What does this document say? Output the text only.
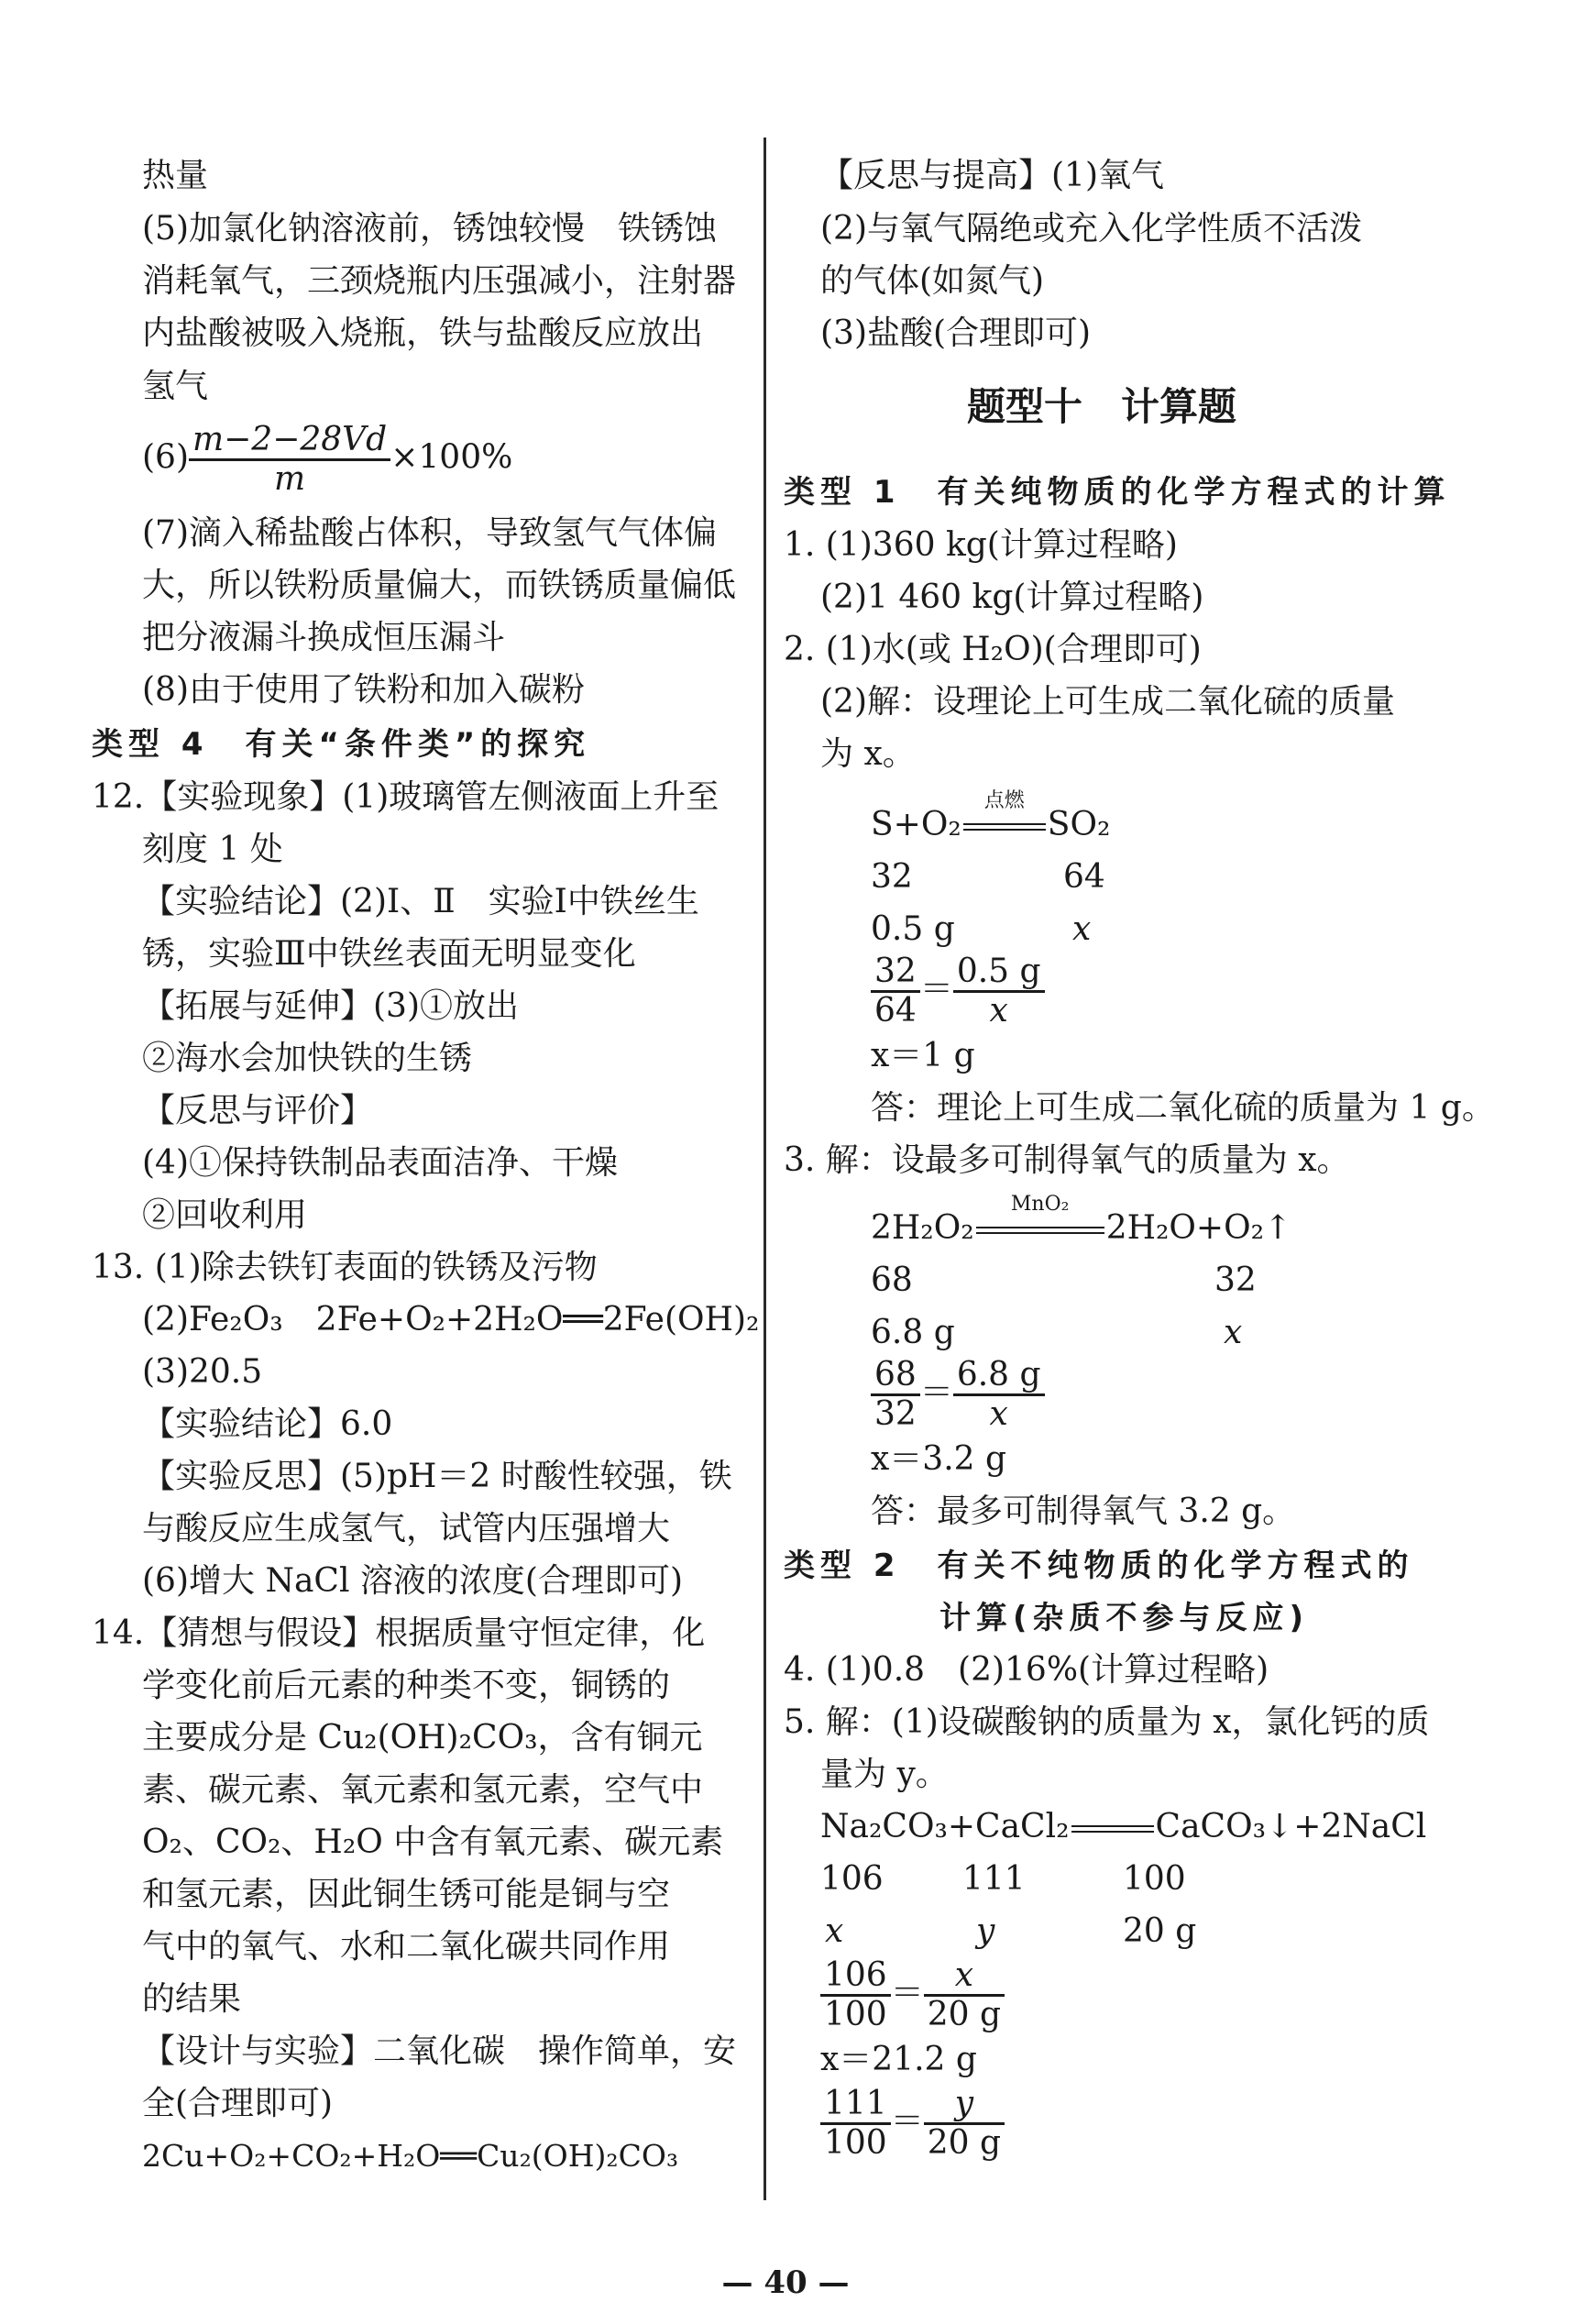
热量
(5)加氯化钠溶液前，锈蚀较慢　铁锈蚀
消耗氧气，三颈烧瓶内压强减小，注射器
内盐酸被吸入烧瓶，铁与盐酸反应放出
氢气
$(6) \frac{m-2-28Vd}{m} \times 100\%$
(7)滴入稀盐酸占体积，导致氢气气体偏
大，所以铁粉质量偏大，而铁锈质量偏低
把分液漏斗换成恒压漏斗
(8)由于使用了铁粉和加入碳粉
类型 4　有关“条件类”的探究
12.【实验现象】(1)玻璃管左侧液面上升至
刻度 1 处
【实验结论】(2)Ⅰ、Ⅱ　实验Ⅰ中铁丝生
锈，实验Ⅲ中铁丝表面无明显变化
【拓展与延伸】(3)①放出
②海水会加快铁的生锈
【反思与评价】
(4)①保持铁制品表面洁净、干燥
②回收利用
13. (1)除去铁钉表面的铁锈及污物
(2)Fe₂O₃　2Fe+O₂+2H₂O══2Fe(OH)₂
(3)20.5
【实验结论】6.0
【实验反思】(5)pH＝2 时酸性较强，铁
与酸反应生成氢气，试管内压强增大
(6)增大 NaCl 溶液的浓度(合理即可)
14.【猜想与假设】根据质量守恒定律，化
学变化前后元素的种类不变，铜锈的
主要成分是 Cu₂(OH)₂CO₃，含有铜元
素、碳元素、氧元素和氢元素，空气中
O₂、CO₂、H₂O 中含有氧元素、碳元素
和氢元素，因此铜生锈可能是铜与空
气中的氧气、水和二氧化碳共同作用
的结果
【设计与实验】二氧化碳　操作简单，安
全(合理即可)
2Cu+O₂+CO₂+H₂O══Cu₂(OH)₂CO₃
【反思与提高】(1)氧气
(2)与氧气隔绝或充入化学性质不活泼
的气体(如氮气)
(3)盐酸(合理即可)
题型十　计算题
类型 1　有关纯物质的化学方程式的计算
1. (1)360 kg(计算过程略)
(2)1 460 kg(计算过程略)
2. (1)水(或 H₂O)(合理即可)
(2)解：设理论上可生成二氧化硫的质量
为 x。
S+O₂
点燃
SO₂
32	64
0.5 g	x
$\frac{32}{64} = \frac{0.5 g}{x}$
x＝1 g
答：理论上可生成二氧化硫的质量为 1 g。
3. 解：设最多可制得氧气的质量为 x。
2H₂O₂
MnO₂
2H₂O+O₂↑
68	32
6.8 g	x
$\frac{68}{32} = \frac{6.8 g}{x}$
x＝3.2 g
答：最多可制得氧气 3.2 g。
类型 2　有关不纯物质的化学方程式的
计算(杂质不参与反应)
4. (1)0.8　(2)16%(计算过程略)
5. 解：(1)设碳酸钠的质量为 x，氯化钙的质
量为 y。
Na₂CO₃+CaCl₂	CaCO₃↓+2NaCl
106 111	100
x	y	20 g
$\frac{106}{100} = \frac{x}{20 g}$
x＝21.2 g
$\frac{111}{100} = \frac{y}{20 g}$
— 40 —
